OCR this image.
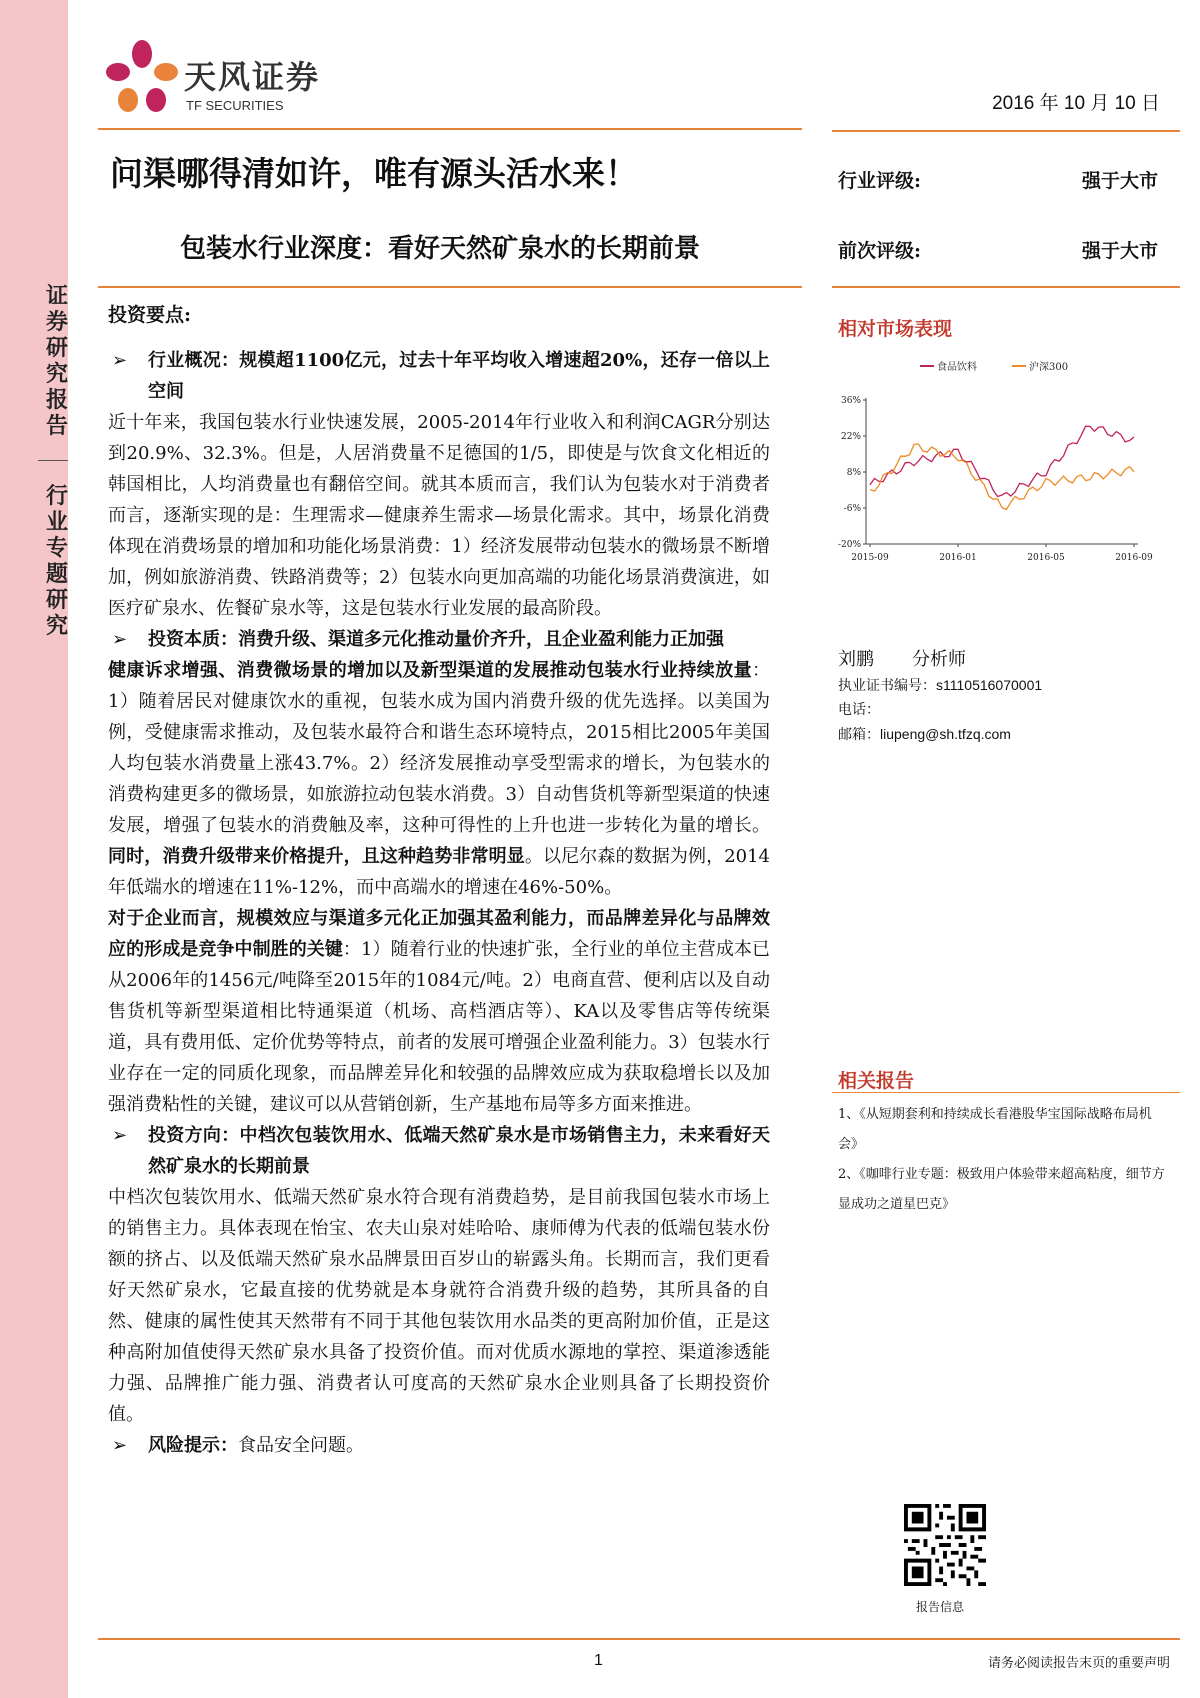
证券研究报告
行业专题研究
天风证券
TF SECURITIES	2016 年 10 月 10 日
问渠哪得清如许，唯有源头活水来！
包装水行业深度：看好天然矿泉水的长期前景
行业评级:	强于大市
前次评级:	强于大市

投资要点:

➢ 行业概况：规模超1100亿元，过去十年平均收入增速超20%，还存一倍以上空间

近十年来，我国包装水行业快速发展，2005-2014年行业收入和利润CAGR分别达到20.9%、32.3%。但是，人居消费量不足德国的1/5，即使是与饮食文化相近的韩国相比，人均消费量也有翻倍空间。就其本质而言，我们认为包装水对于消费者而言，逐渐实现的是：生理需求—健康养生需求—场景化需求。其中，场景化消费体现在消费场景的增加和功能化场景消费：1）经济发展带动包装水的微场景不断增加，例如旅游消费、铁路消费等；2）包装水向更加高端的功能化场景消费演进，如医疗矿泉水、佐餐矿泉水等，这是包装水行业发展的最高阶段。

➢ 投资本质：消费升级、渠道多元化推动量价齐升，且企业盈利能力正加强

健康诉求增强、消费微场景的增加以及新型渠道的发展推动包装水行业持续放量：1）随着居民对健康饮水的重视，包装水成为国内消费升级的优先选择。以美国为例，受健康需求推动，及包装水最符合和谐生态环境特点，2015相比2005年美国人均包装水消费量上涨43.7%。2）经济发展推动享受型需求的增长，为包装水的消费构建更多的微场景，如旅游拉动包装水消费。3）自动售货机等新型渠道的快速发展，增强了包装水的消费触及率，这种可得性的上升也进一步转化为量的增长。同时，消费升级带来价格提升，且这种趋势非常明显。以尼尔森的数据为例，2014年低端水的增速在11%-12%，而中高端水的增速在46%-50%。

对于企业而言，规模效应与渠道多元化正加强其盈利能力，而品牌差异化与品牌效应的形成是竞争中制胜的关键：1）随着行业的快速扩张，全行业的单位主营成本已从2006年的1456元/吨降至2015年的1084元/吨。2）电商直营、便利店以及自动售货机等新型渠道相比特通渠道（机场、高档酒店等）、KA以及零售店等传统渠道，具有费用低、定价优势等特点，前者的发展可增强企业盈利能力。3）包装水行业存在一定的同质化现象，而品牌差异化和较强的品牌效应成为获取稳增长以及加强消费粘性的关键，建议可以从营销创新，生产基地布局等多方面来推进。

➢ 投资方向：中档次包装饮用水、低端天然矿泉水是市场销售主力，未来看好天然矿泉水的长期前景

中档次包装饮用水、低端天然矿泉水符合现有消费趋势，是目前我国包装水市场上的销售主力。具体表现在怡宝、农夫山泉对娃哈哈、康师傅为代表的低端包装水份额的挤占、以及低端天然矿泉水品牌景田百岁山的崭露头角。长期而言，我们更看好天然矿泉水，它最直接的优势就是本身就符合消费升级的趋势，其所具备的自然、健康的属性使其天然带有不同于其他包装饮用水品类的更高附加价值，正是这种高附加值使得天然矿泉水具备了投资价值。而对优质水源地的掌控、渠道渗透能力强、品牌推广能力强、消费者认可度高的天然矿泉水企业则具备了长期投资价值。

➢ 风险提示：食品安全问题。

相对市场表现
食品饮料	沪深300
36%
22%
8%
-6%
-20%
2015-09	2016-01	2016-05	2016-09
刘鹏 分析师
执业证书编号：s1110516070001
电话：
邮箱：liupeng@sh.tfzq.com
相关报告

1、《从短期套利和持续成长看港股华宝国际战略布局机会》

2、《咖啡行业专题：极致用户体验带来超高粘度，细节方显成功之道星巴克》

报告信息
1	请务必阅读报告末页的重要声明
